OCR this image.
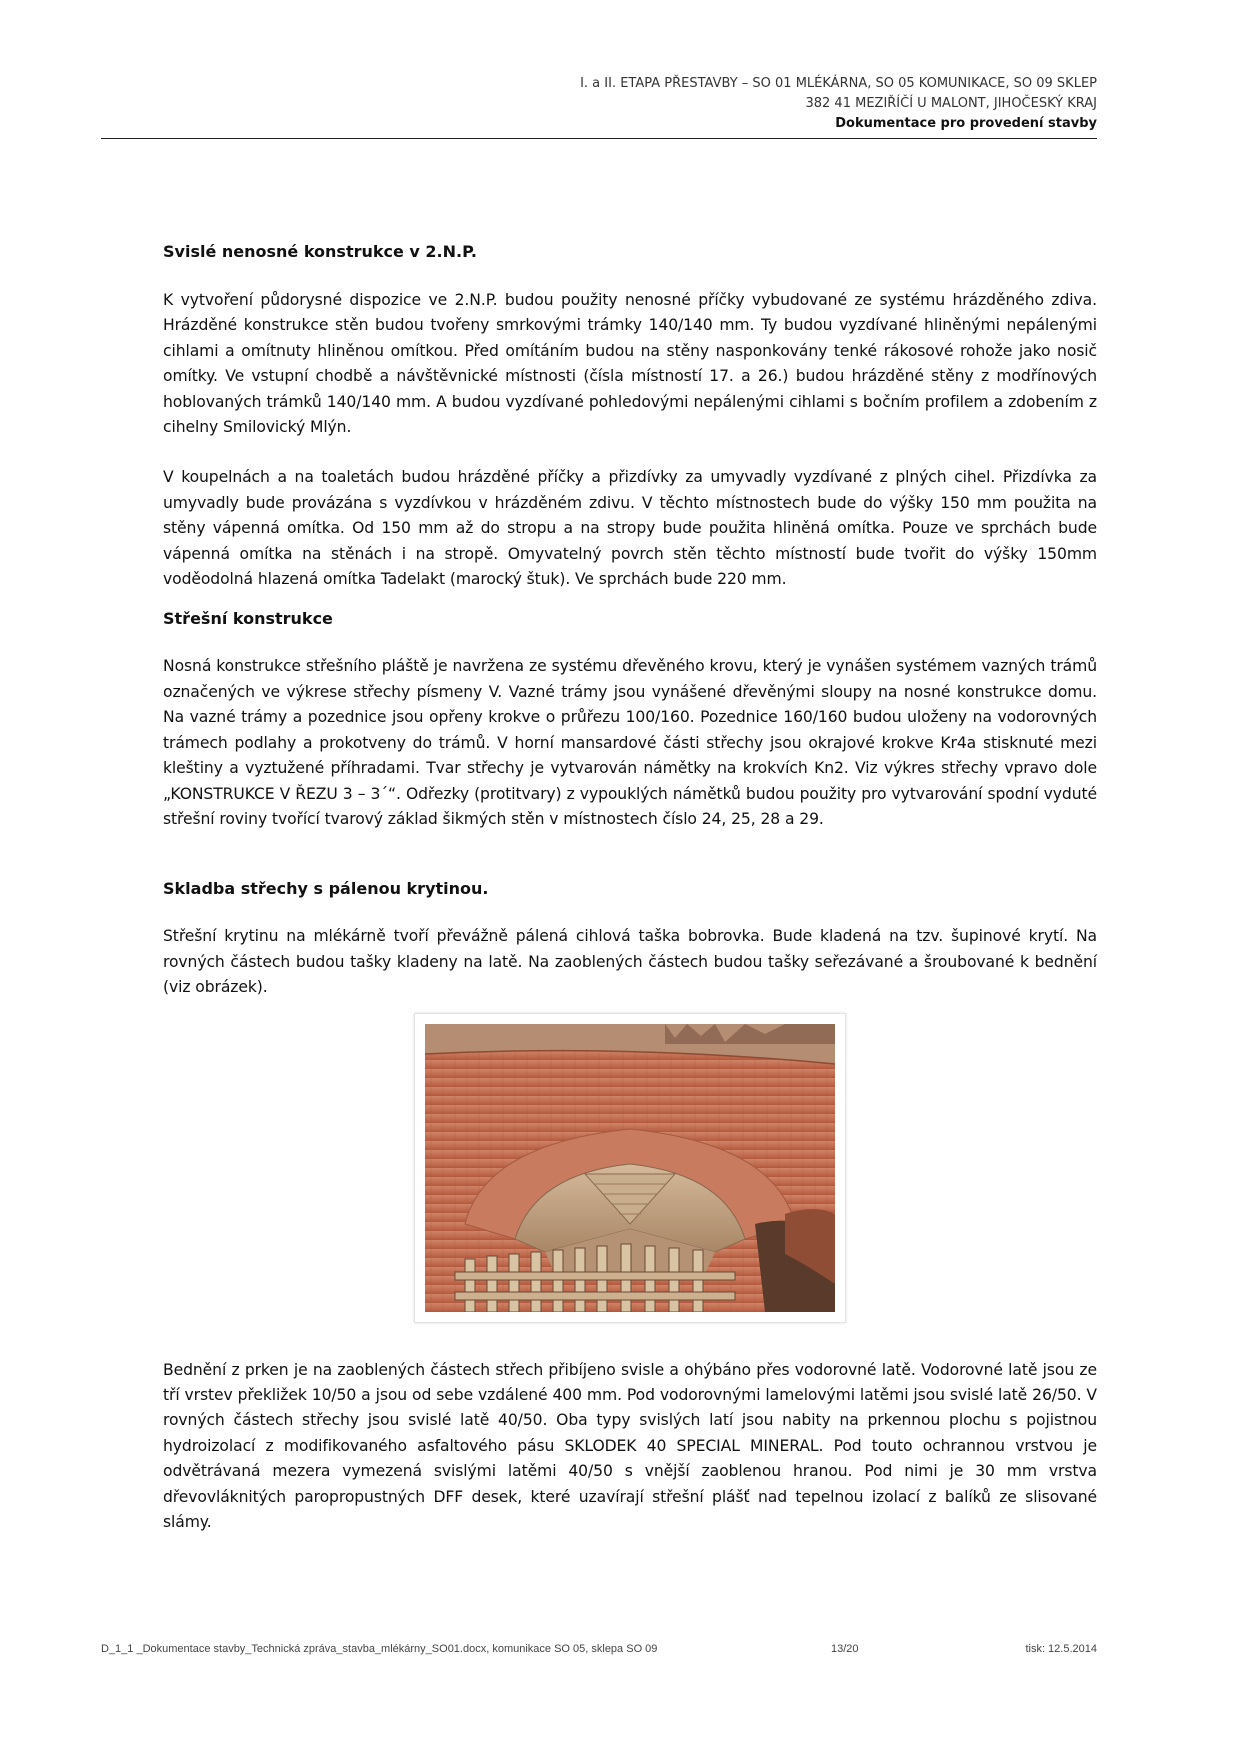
I. a II. ETAPA PŘESTAVBY – SO 01 MLÉKÁRNA, SO 05 KOMUNIKACE, SO 09 SKLEP
382 41 MEZIŘÍČÍ U MALONT, JIHOČESKÝ KRAJ
Dokumentace pro provedení stavby
Svislé nenosné konstrukce v 2.N.P.

K vytvoření půdorysné dispozice ve 2.N.P. budou použity nenosné příčky vybudované ze systému hrázděného zdiva. Hrázděné konstrukce stěn budou tvořeny smrkovými trámky 140/140 mm. Ty budou vyzdívané hliněnými nepálenými cihlami a omítnuty hliněnou omítkou. Před omítáním budou na stěny nasponkovány tenké rákosové rohože jako nosič omítky. Ve vstupní chodbě a návštěvnické místnosti (čísla místností 17. a 26.) budou hrázděné stěny z modřínových hoblovaných trámků 140/140 mm. A budou vyzdívané pohledovými nepálenými cihlami s bočním profilem a zdobením z cihelny Smilovický Mlýn.

V koupelnách a na toaletách budou hrázděné příčky a přizdívky za umyvadly vyzdívané z plných cihel. Přizdívka za umyvadly bude provázána s vyzdívkou v hrázděném zdivu. V těchto místnostech bude do výšky 150 mm použita na stěny vápenná omítka. Od 150 mm až do stropu a na stropy bude použita hliněná omítka. Pouze ve sprchách bude vápenná omítka na stěnách i na stropě. Omyvatelný povrch stěn těchto místností bude tvořit do výšky 150mm voděodolná hlazená omítka Tadelakt (marocký štuk). Ve sprchách bude 220 mm.

Střešní konstrukce

Nosná konstrukce střešního pláště je navržena ze systému dřevěného krovu, který je vynášen systémem vazných trámů označených ve výkrese střechy písmeny V. Vazné trámy jsou vynášené dřevěnými sloupy na nosné konstrukce domu. Na vazné trámy a pozednice jsou opřeny krokve o průřezu 100/160. Pozednice 160/160 budou uloženy na vodorovných trámech podlahy a prokotveny do trámů. V horní mansardové části střechy jsou okrajové krokve Kr4a stisknuté mezi kleštiny a vyztužené příhradami. Tvar střechy je vytvarován námětky na krokvích Kn2. Viz výkres střechy vpravo dole „KONSTRUKCE V ŘEZU 3 – 3´“. Odřezky (protitvary) z vypouklých námětků budou použity pro vytvarování spodní vyduté střešní roviny tvořící tvarový základ šikmých stěn v místnostech číslo 24, 25, 28 a 29.

Skladba střechy s pálenou krytinou.

Střešní krytinu na mlékárně tvoří převážně pálená cihlová taška bobrovka. Bude kladená na tzv. šupinové krytí. Na rovných částech budou tašky kladeny na latě. Na zaoblených částech budou tašky seřezávané a šroubované k bednění (viz obrázek).

Bednění z prken je na zaoblených částech střech přibíjeno svisle a ohýbáno přes vodorovné latě. Vodorovné latě jsou ze tří vrstev překližek 10/50 a jsou od sebe vzdálené 400 mm. Pod vodorovnými lamelovými latěmi jsou svislé latě 26/50. V rovných částech střechy jsou svislé latě 40/50. Oba typy svislých latí jsou nabity na prkennou plochu s pojistnou hydroizolací z modifikovaného asfaltového pásu SKLODEK 40 SPECIAL MINERAL. Pod touto ochrannou vrstvou je odvětrávaná mezera vymezená svislými latěmi 40/50 s vnější zaoblenou hranou. Pod nimi je 30 mm vrstva dřevovláknitých paropropustných DFF desek, které uzavírají střešní plášť nad tepelnou izolací z balíků ze slisované slámy.

D_1_1 _Dokumentace stavby_Technická zpráva_stavba_mlékárny_SO01.docx, komunikace SO 05, sklepa SO 09	13/20	tisk: 12.5.2014
